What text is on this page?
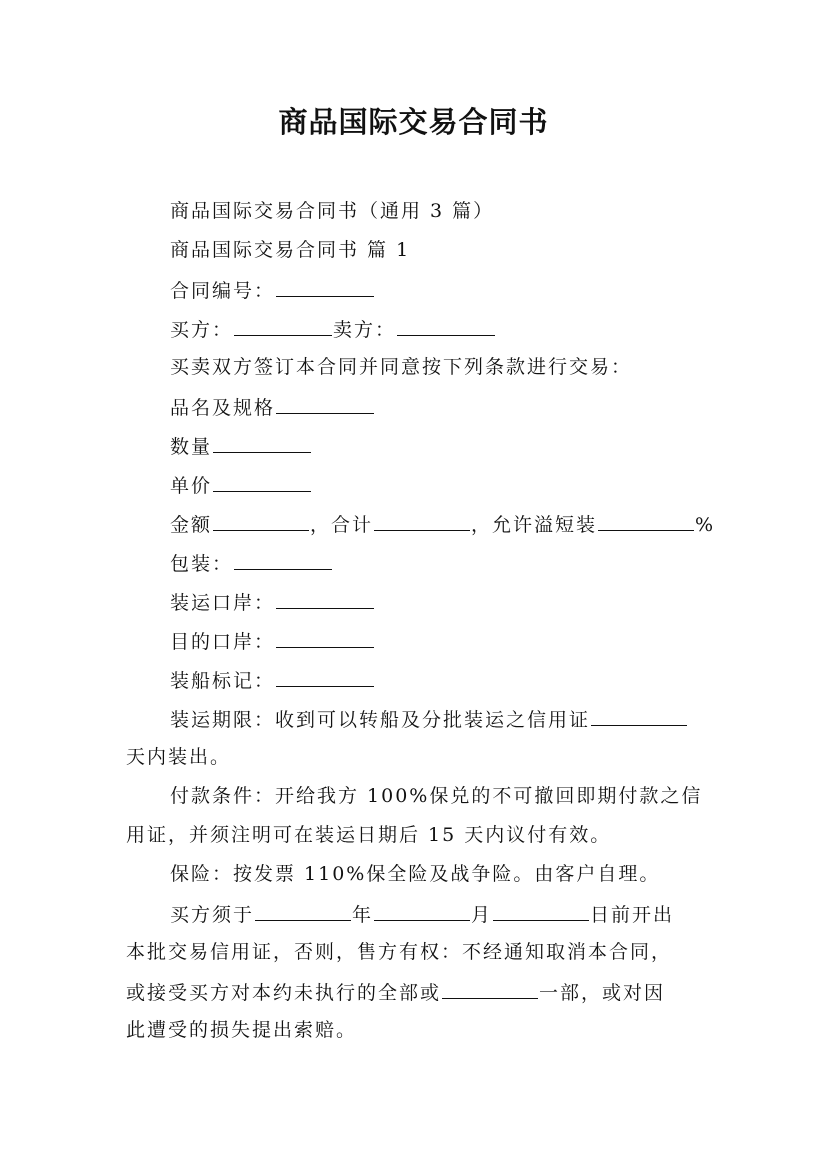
商品国际交易合同书
商品国际交易合同书（通用 3 篇）
商品国际交易合同书 篇 1
合同编号：
买方：	卖方：
买卖双方签订本合同并同意按下列条款进行交易：
品名及规格
数量
单价
金额	，合计	，允许溢短装	%
包装：
装运口岸：
目的口岸：
装船标记：
装运期限：收到可以转船及分批装运之信用证
天内装出。
付款条件：开给我方 100%保兑的不可撤回即期付款之信
用证，并须注明可在装运日期后 15 天内议付有效。
保险：按发票 110%保全险及战争险。由客户自理。
买方须于	年	月	日前开出
本批交易信用证，否则，售方有权：不经通知取消本合同，
或接受买方对本约未执行的全部或	一部，或对因
此遭受的损失提出索赔。
